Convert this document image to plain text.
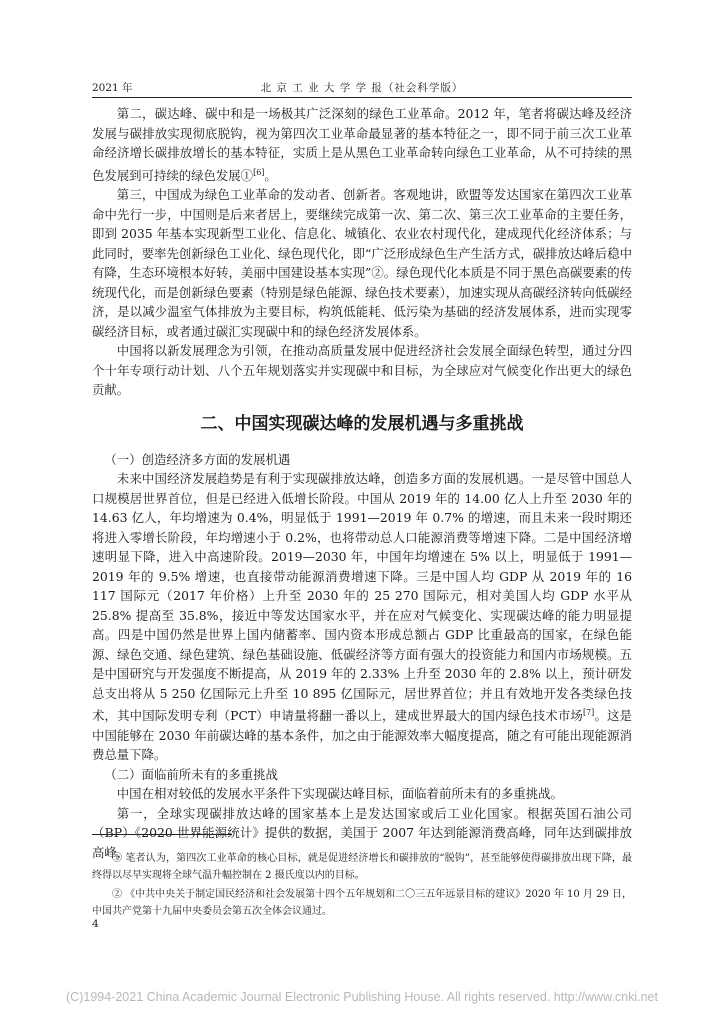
2021 年	北 京 工 业 大 学 学 报（社会科学版）

第二，碳达峰、碳中和是一场极其广泛深刻的绿色工业革命。2012 年，笔者将碳达峰及经济发展与碳排放实现彻底脱钩，视为第四次工业革命最显著的基本特征之一，即不同于前三次工业革命经济增长碳排放增长的基本特征，实质上是从黑色工业革命转向绿色工业革命，从不可持续的黑色发展到可持续的绿色发展①[6]。

第三，中国成为绿色工业革命的发动者、创新者。客观地讲，欧盟等发达国家在第四次工业革命中先行一步，中国则是后来者居上，要继续完成第一次、第二次、第三次工业革命的主要任务，即到 2035 年基本实现新型工业化、信息化、城镇化、农业农村现代化，建成现代化经济体系；与此同时，要率先创新绿色工业化、绿色现代化，即“广泛形成绿色生产生活方式，碳排放达峰后稳中有降，生态环境根本好转，美丽中国建设基本实现”②。绿色现代化本质是不同于黑色高碳要素的传统现代化，而是创新绿色要素（特别是绿色能源、绿色技术要素），加速实现从高碳经济转向低碳经济，是以减少温室气体排放为主要目标，构筑低能耗、低污染为基础的经济发展体系，进而实现零碳经济目标，或者通过碳汇实现碳中和的绿色经济发展体系。

中国将以新发展理念为引领，在推动高质量发展中促进经济社会发展全面绿色转型，通过分四个十年专项行动计划、八个五年规划落实并实现碳中和目标，为全球应对气候变化作出更大的绿色贡献。

二、中国实现碳达峰的发展机遇与多重挑战

（一）创造经济多方面的发展机遇

未来中国经济发展趋势是有利于实现碳排放达峰，创造多方面的发展机遇。一是尽管中国总人口规模居世界首位，但是已经进入低增长阶段。中国从 2019 年的 14.00 亿人上升至 2030 年的 14.63 亿人，年均增速为 0.4%，明显低于 1991—2019 年 0.7% 的增速，而且未来一段时期还将进入零增长阶段，年均增速小于 0.2%，也将带动总人口能源消费等增速下降。二是中国经济增速明显下降，进入中高速阶段。2019—2030 年，中国年均增速在 5% 以上，明显低于 1991—2019 年的 9.5% 增速，也直接带动能源消费增速下降。三是中国人均 GDP 从 2019 年的 16 117 国际元（2017 年价格）上升至 2030 年的 25 270 国际元，相对美国人均 GDP 水平从 25.8% 提高至 35.8%，接近中等发达国家水平，并在应对气候变化、实现碳达峰的能力明显提高。四是中国仍然是世界上国内储蓄率、国内资本形成总额占 GDP 比重最高的国家，在绿色能源、绿色交通、绿色建筑、绿色基础设施、低碳经济等方面有强大的投资能力和国内市场规模。五是中国研究与开发强度不断提高，从 2019 年的 2.33% 上升至 2030 年的 2.8% 以上，预计研发总支出将从 5 250 亿国际元上升至 10 895 亿国际元，居世界首位；并且有效地开发各类绿色技术，其中国际发明专利（PCT）申请量将翻一番以上，建成世界最大的国内绿色技术市场[7]。这是中国能够在 2030 年前碳达峰的基本条件，加之由于能源效率大幅度提高，随之有可能出现能源消费总量下降。

（二）面临前所未有的多重挑战

中国在相对较低的发展水平条件下实现碳达峰目标，面临着前所未有的多重挑战。

第一，全球实现碳排放达峰的国家基本上是发达国家或后工业化国家。根据英国石油公司（BP）《2020 世界能源统计》提供的数据，美国于 2007 年达到能源消费高峰，同年达到碳排放高峰，

① 笔者认为，第四次工业革命的核心目标，就是促进经济增长和碳排放的“脱钩”，甚至能够使得碳排放出现下降，最终得以尽早实现将全球气温升幅控制在 2 摄氏度以内的目标。

② 《中共中央关于制定国民经济和社会发展第十四个五年规划和二〇三五年远景目标的建议》2020 年 10 月 29 日，中国共产党第十九届中央委员会第五次全体会议通过。

4
(C)1994-2021 China Academic Journal Electronic Publishing House. All rights reserved. http://www.cnki.net
